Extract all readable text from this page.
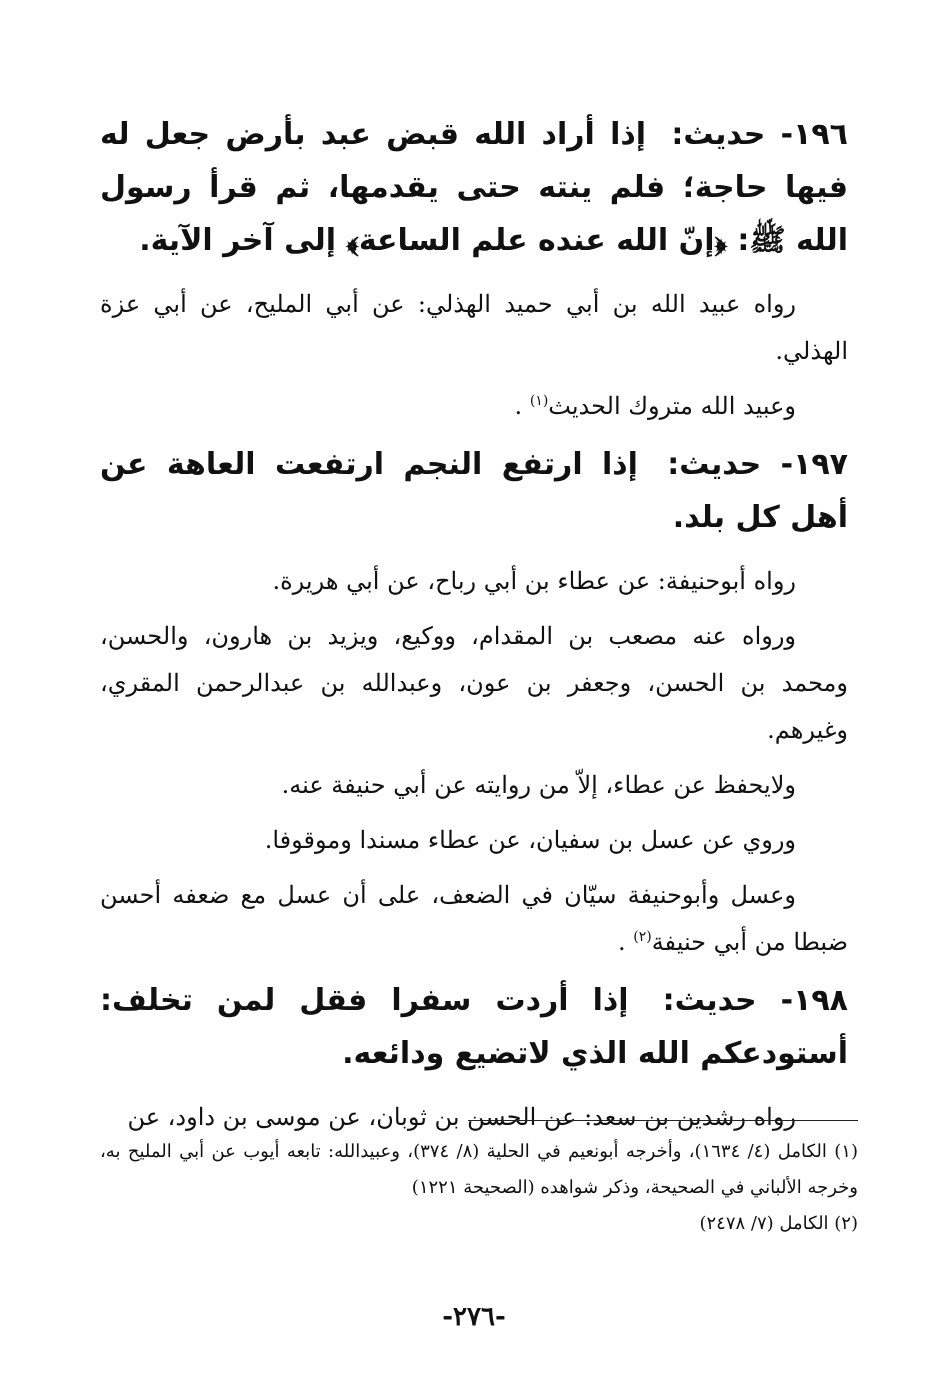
١٩٦- حديث: إذا أراد الله قبض عبد بأرض جعل له فيها حاجة؛ فلم ينته حتى يقدمها، ثم قرأ رسول الله ﷺ: ﴿إنّ الله عنده علم الساعة﴾ إلى آخر الآية.

رواه عبيد الله بن أبي حميد الهذلي: عن أبي المليح، عن أبي عزة الهذلي.

وعبيد الله متروك الحديث$^{(١)}$ .

١٩٧- حديث: إذا ارتفع النجم ارتفعت العاهة عن أهل كل بلد.

رواه أبوحنيفة: عن عطاء بن أبي رباح، عن أبي هريرة.

ورواه عنه مصعب بن المقدام، ووكيع، ويزيد بن هارون، والحسن، ومحمد بن الحسن، وجعفر بن عون، وعبدالله بن عبدالرحمن المقري، وغيرهم.

ولايحفظ عن عطاء، إلاّ من روايته عن أبي حنيفة عنه.

وروي عن عسل بن سفيان، عن عطاء مسندا وموقوفا.

وعسل وأبوحنيفة سيّان في الضعف، على أن عسل مع ضعفه أحسن ضبطا من أبي حنيفة$^{(٢)}$ .

١٩٨- حديث: إذا أردت سفرا فقل لمن تخلف: أستودعكم الله الذي لاتضيع ودائعه.

رواه رشدين بن سعد: عن الحسن بن ثوبان، عن موسى بن داود، عن

(١) الكامل (٤/ ١٦٣٤)، وأخرجه أبونعيم في الحلية (٨/ ٣٧٤)، وعبيدالله: تابعه أيوب عن أبي المليح به، وخرجه الألباني في الصحيحة، وذكر شواهده (الصحيحة ١٢٢١)

(٢) الكامل (٧/ ٢٤٧٨)

-٢٧٦-
